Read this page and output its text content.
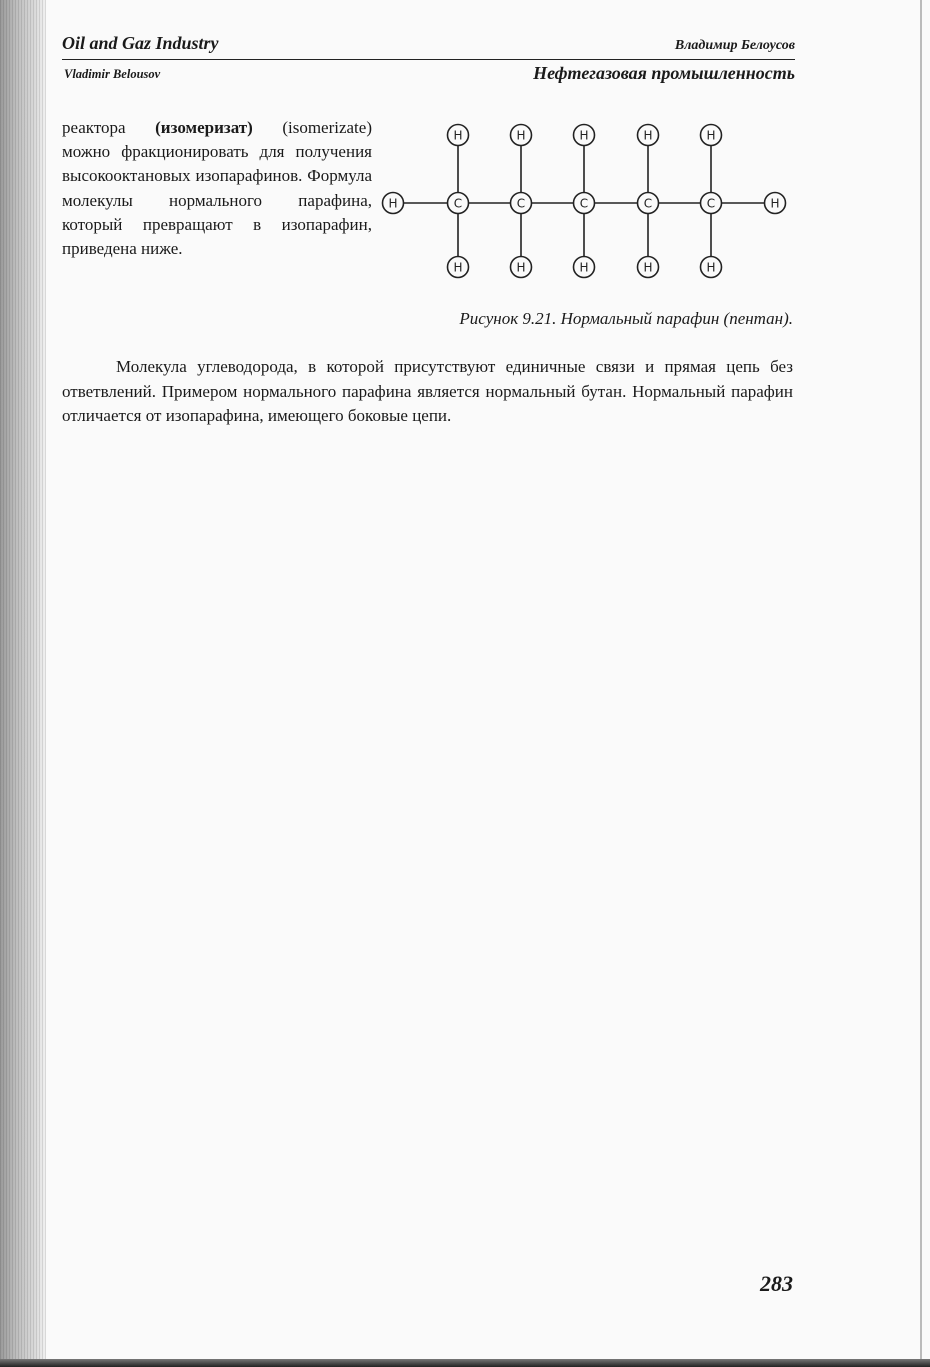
Oil and Gaz Industry	Владимир Белоусов
Vladimir Belousov	Нефтегазовая промышленность
реактора (изомеризат) (isomerizate) можно фракционировать для получения высокооктановых изопарафинов. Формула молекулы нормального парафина, который превращают в изопарафин, приведена ниже.
H	H
C
H
H
C
H
H
C
H
H
C
H
H
C
H
H
Рисунок 9.21. Нормальный парафин (пентан).
Молекула углеводорода, в которой присутствуют единичные связи и прямая цепь без ответвлений. Примером нормального парафина является нормальный бутан. Нормальный парафин отличается от изопарафина, имеющего боковые цепи.
283
